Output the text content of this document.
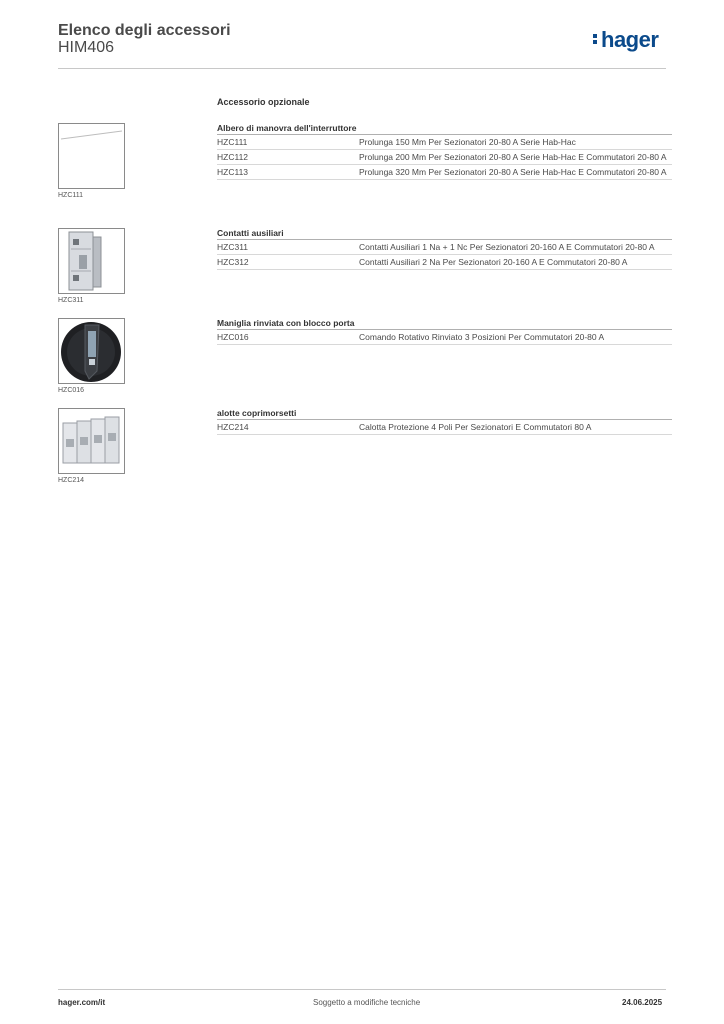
Elenco degli accessori
HIM406	hager
Accessorio opzionale
HZC111
Albero di manovra dell'interruttore
HZC111	Prolunga 150 Mm Per Sezionatori 20-80 A Serie Hab-Hac
HZC112	Prolunga 200 Mm Per Sezionatori 20-80 A Serie Hab-Hac E Commutatori 20-80 A
HZC113	Prolunga 320 Mm Per Sezionatori 20-80 A Serie Hab-Hac E Commutatori 20-80 A
HZC311
Contatti ausiliari
HZC311	Contatti Ausiliari 1 Na + 1 Nc Per Sezionatori 20-160 A E Commutatori 20-80 A
HZC312	Contatti Ausiliari 2 Na Per Sezionatori 20-160 A E Commutatori 20-80 A
HZC016
Maniglia rinviata con blocco porta
HZC016	Comando Rotativo Rinviato 3 Posizioni Per Commutatori 20-80 A
HZC214
alotte coprimorsetti
HZC214	Calotta Protezione 4 Poli Per Sezionatori E Commutatori 80 A
hager.com/it	Soggetto a modifiche tecniche	24.06.2025
